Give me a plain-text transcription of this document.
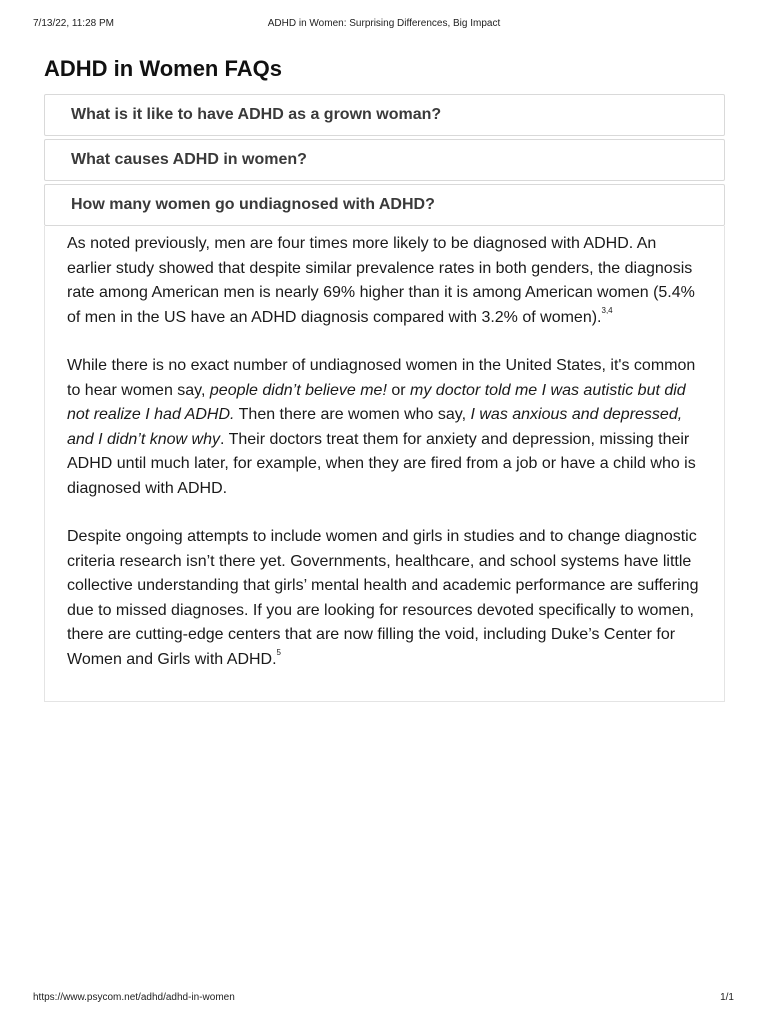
7/13/22, 11:28 PM	ADHD in Women: Surprising Differences, Big Impact
ADHD in Women FAQs
What is it like to have ADHD as a grown woman?
What causes ADHD in women?
How many women go undiagnosed with ADHD?

As noted previously, men are four times more likely to be diagnosed with ADHD. An earlier study showed that despite similar prevalence rates in both genders, the diagnosis rate among American men is nearly 69% higher than it is among American women (5.4% of men in the US have an ADHD diagnosis compared with 3.2% of women).$^{3,4}$

While there is no exact number of undiagnosed women in the United States, it's common to hear women say, people didn’t believe me! or my doctor told me I was autistic but did not realize I had ADHD. Then there are women who say, I was anxious and depressed, and I didn’t know why. Their doctors treat them for anxiety and depression, missing their ADHD until much later, for example, when they are fired from a job or have a child who is diagnosed with ADHD.

Despite ongoing attempts to include women and girls in studies and to change diagnostic criteria research isn’t there yet. Governments, healthcare, and school systems have little collective understanding that girls’ mental health and academic performance are suffering due to missed diagnoses. If you are looking for resources devoted specifically to women, there are cutting-edge centers that are now filling the void, including Duke’s Center for Women and Girls with ADHD.$^5$

https://www.psycom.net/adhd/adhd-in-women	1/1
